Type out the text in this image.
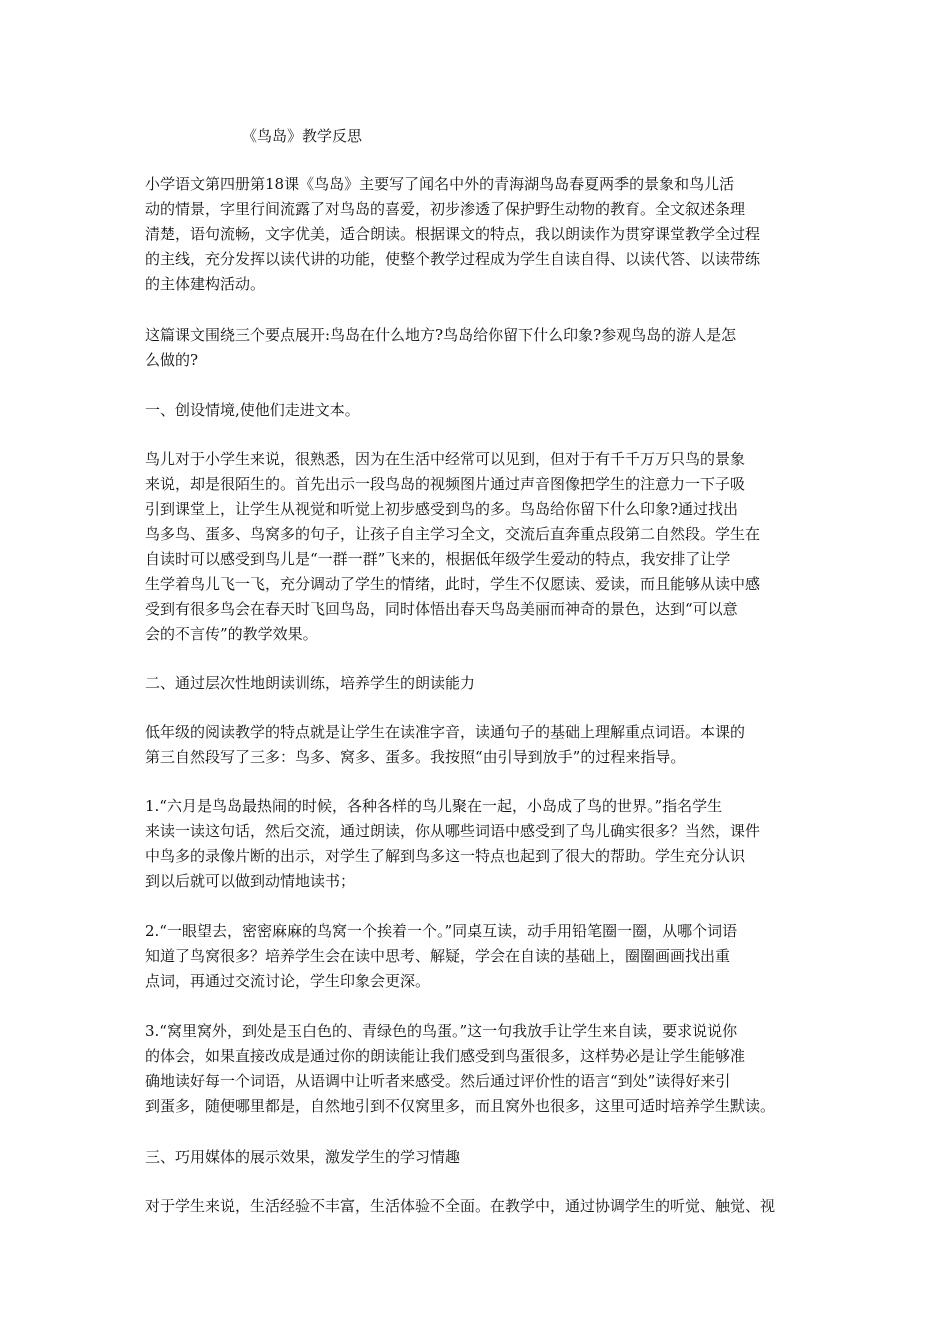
《鸟岛》教学反思
小学语文第四册第18课《鸟岛》主要写了闻名中外的青海湖鸟岛春夏两季的景象和鸟儿活
动的情景，字里行间流露了对鸟岛的喜爱，初步渗透了保护野生动物的教育。全文叙述条理
清楚，语句流畅，文字优美，适合朗读。根据课文的特点，我以朗读作为贯穿课堂教学全过程
的主线，充分发挥以读代讲的功能，使整个教学过程成为学生自读自得、以读代答、以读带练
的主体建构活动。
这篇课文围绕三个要点展开:鸟岛在什么地方?鸟岛给你留下什么印象?参观鸟岛的游人是怎
么做的?
一、创设情境,使他们走进文本。
鸟儿对于小学生来说，很熟悉，因为在生活中经常可以见到，但对于有千千万万只鸟的景象
来说，却是很陌生的。首先出示一段鸟岛的视频图片通过声音图像把学生的注意力一下子吸
引到课堂上，让学生从视觉和听觉上初步感受到鸟的多。鸟岛给你留下什么印象?通过找出
鸟多鸟、蛋多、鸟窝多的句子，让孩子自主学习全文，交流后直奔重点段第二自然段。学生在
自读时可以感受到鸟儿是“一群一群”飞来的，根据低年级学生爱动的特点，我安排了让学
生学着鸟儿飞一飞，充分调动了学生的情绪，此时，学生不仅愿读、爱读，而且能够从读中感
受到有很多鸟会在春天时飞回鸟岛，同时体悟出春天鸟岛美丽而神奇的景色，达到“可以意
会的不言传”的教学效果。
二、通过层次性地朗读训练，培养学生的朗读能力
低年级的阅读教学的特点就是让学生在读准字音，读通句子的基础上理解重点词语。本课的
第三自然段写了三多：鸟多、窝多、蛋多。我按照“由引导到放手”的过程来指导。
1.“六月是鸟岛最热闹的时候，各种各样的鸟儿聚在一起，小岛成了鸟的世界。”指名学生
来读一读这句话，然后交流，通过朗读，你从哪些词语中感受到了鸟儿确实很多？当然，课件
中鸟多的录像片断的出示，对学生了解到鸟多这一特点也起到了很大的帮助。学生充分认识
到以后就可以做到动情地读书；
2.“一眼望去，密密麻麻的鸟窝一个挨着一个。”同桌互读，动手用铅笔圈一圈，从哪个词语
知道了鸟窝很多？培养学生会在读中思考、解疑，学会在自读的基础上，圈圈画画找出重
点词，再通过交流讨论，学生印象会更深。
3.“窝里窝外，到处是玉白色的、青绿色的鸟蛋。”这一句我放手让学生来自读，要求说说你
的体会，如果直接改成是通过你的朗读能让我们感受到鸟蛋很多，这样势必是让学生能够准
确地读好每一个词语，从语调中让听者来感受。然后通过评价性的语言“到处”读得好来引
到蛋多，随便哪里都是，自然地引到不仅窝里多，而且窝外也很多，这里可适时培养学生默读。
三、巧用媒体的展示效果，激发学生的学习情趣
对于学生来说，生活经验不丰富，生活体验不全面。在教学中，通过协调学生的听觉、触觉、视
